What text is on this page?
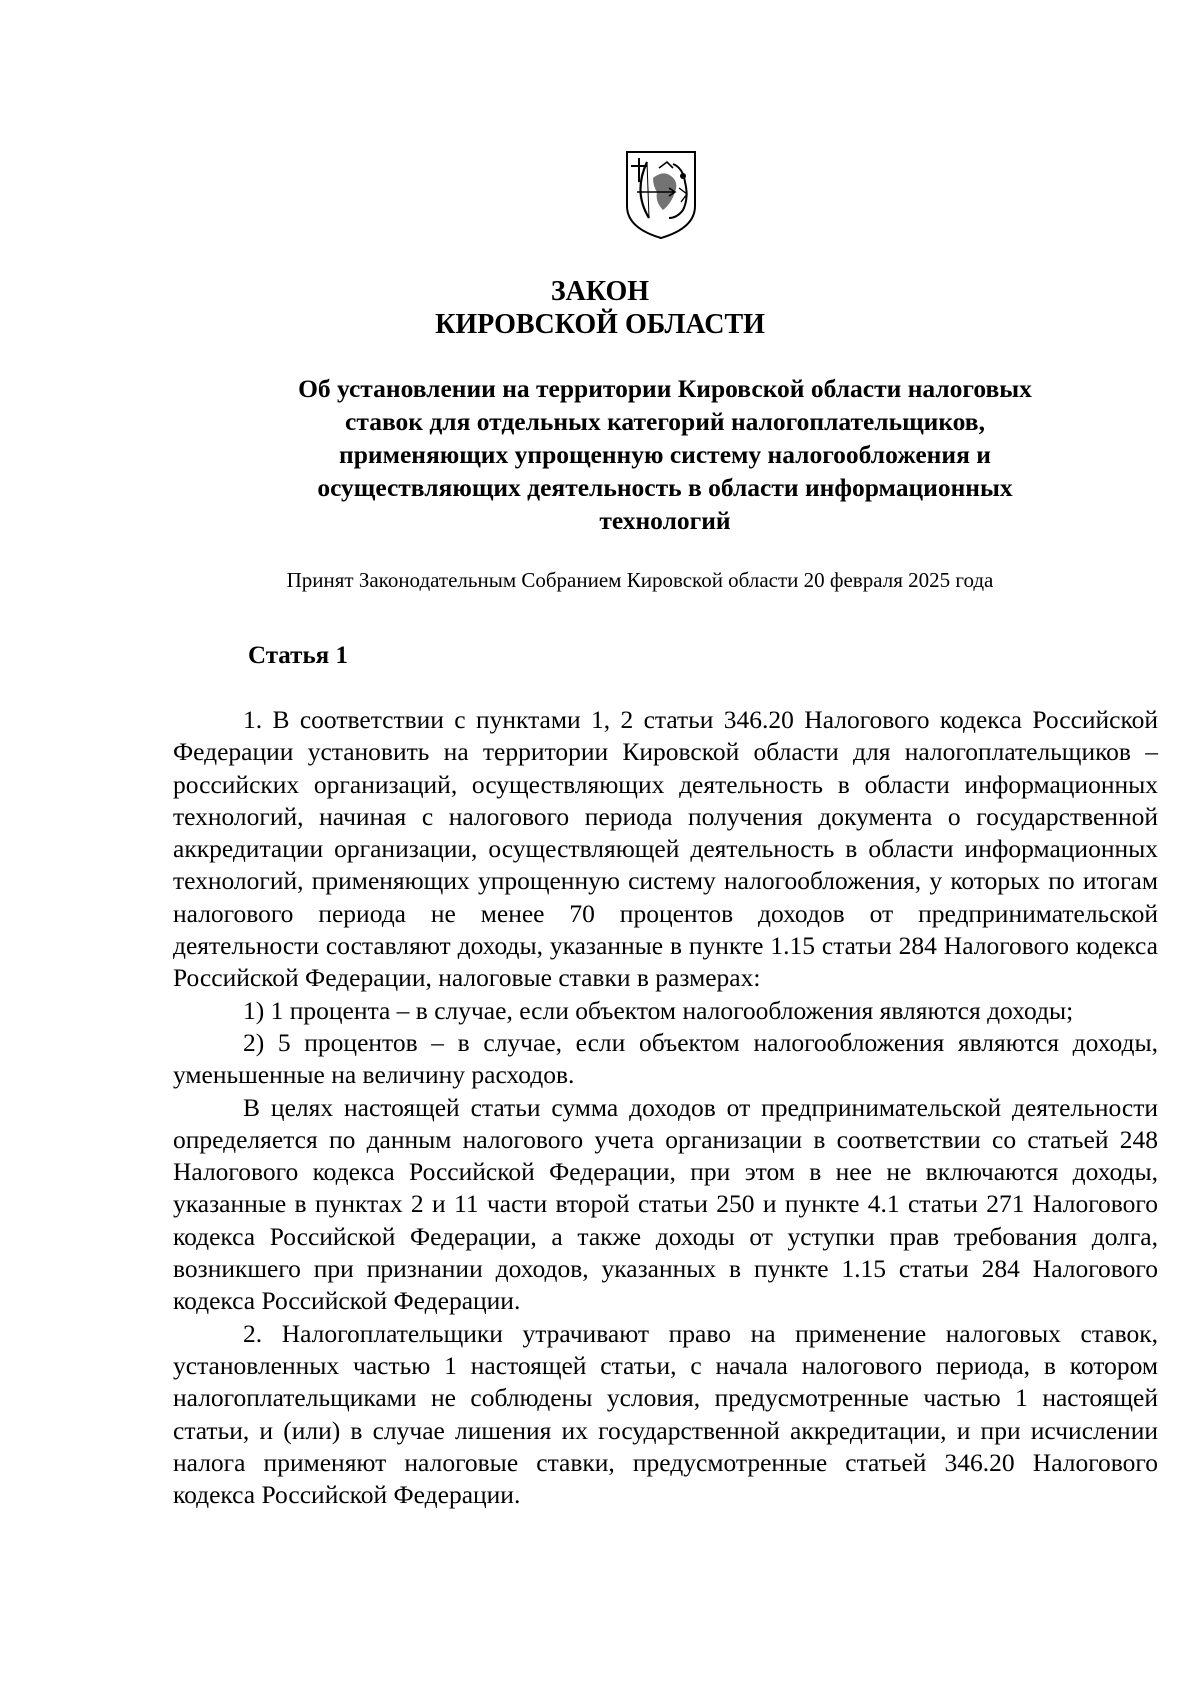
ЗАКОН
КИРОВСКОЙ ОБЛАСТИ
Об установлении на территории Кировской области налоговых
ставок для отдельных категорий налогоплательщиков,
применяющих упрощенную систему налогообложения и
осуществляющих деятельность в области информационных
технологий
Принят Законодательным Собранием Кировской области 20 февраля 2025 года
Статья 1

1. В соответствии с пунктами 1, 2 статьи 346.20 Налогового кодекса Российской Федерации установить на территории Кировской области для налогоплательщиков – российских организаций, осуществляющих деятельность в области информационных технологий, начиная с налогового периода получения документа о государственной аккредитации организации, осуществляющей деятельность в области информационных технологий, применяющих упрощенную систему налогообложения, у которых по итогам налогового периода не менее 70 процентов доходов от предпринимательской деятельности составляют доходы, указанные в пункте 1.15 статьи 284 Налогового кодекса Российской Федерации, налоговые ставки в размерах:

1) 1 процента – в случае, если объектом налогообложения являются доходы;

2) 5 процентов – в случае, если объектом налогообложения являются доходы, уменьшенные на величину расходов.

В целях настоящей статьи сумма доходов от предпринимательской деятельности определяется по данным налогового учета организации в соответствии со статьей 248 Налогового кодекса Российской Федерации, при этом в нее не включаются доходы, указанные в пунктах 2 и 11 части второй статьи 250 и пункте 4.1 статьи 271 Налогового кодекса Российской Федерации, а также доходы от уступки прав требования долга, возникшего при признании доходов, указанных в пункте 1.15 статьи 284 Налогового кодекса Российской Федерации.

2. Налогоплательщики утрачивают право на применение налоговых ставок, установленных частью 1 настоящей статьи, с начала налогового периода, в котором налогоплательщиками не соблюдены условия, предусмотренные частью 1 настоящей статьи, и (или) в случае лишения их государственной аккредитации, и при исчислении налога применяют налоговые ставки, предусмотренные статьей 346.20 Налогового кодекса Российской Федерации.
